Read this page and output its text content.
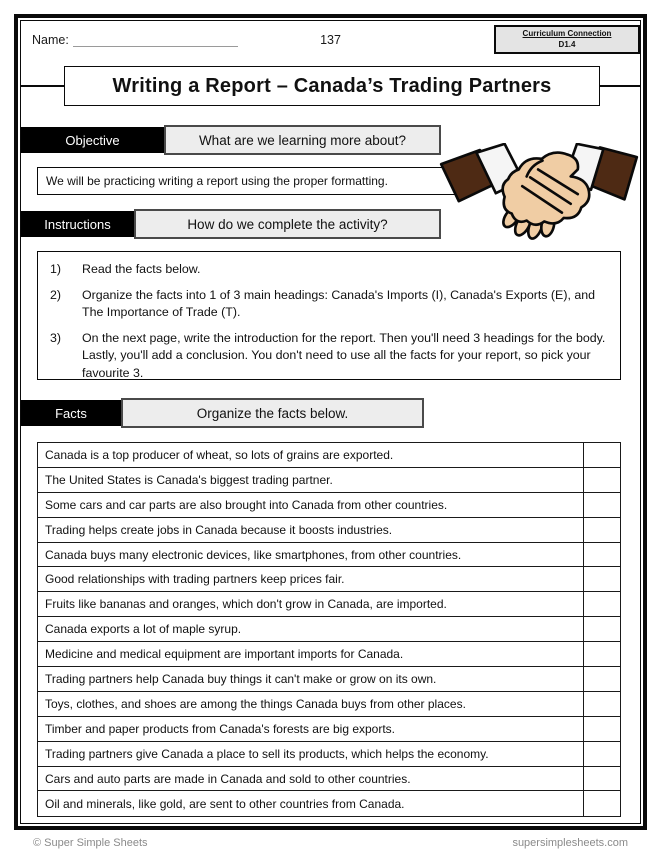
Name:	137	Curriculum Connection
D1.4
Writing a Report – Canada’s Trading Partners
Objective	What are we learning more about?
We will be practicing writing a report using the proper formatting.
Instructions	How do we complete the activity?
1)	Read the facts below.
2)	Organize the facts into 1 of 3 main headings: Canada's Imports (I), Canada's Exports (E), and The Importance of Trade (T).
3)	On the next page, write the introduction for the report. Then you'll need 3 headings for the body. Lastly, you'll add a conclusion. You don't need to use all the facts for your report, so pick your favourite 3.
Facts	Organize the facts below.
Canada is a top producer of wheat, so lots of grains are exported.
The United States is Canada's biggest trading partner.
Some cars and car parts are also brought into Canada from other countries.
Trading helps create jobs in Canada because it boosts industries.
Canada buys many electronic devices, like smartphones, from other countries.
Good relationships with trading partners keep prices fair.
Fruits like bananas and oranges, which don't grow in Canada, are imported.
Canada exports a lot of maple syrup.
Medicine and medical equipment are important imports for Canada.
Trading partners help Canada buy things it can't make or grow on its own.
Toys, clothes, and shoes are among the things Canada buys from other places.
Timber and paper products from Canada's forests are big exports.
Trading partners give Canada a place to sell its products, which helps the economy.
Cars and auto parts are made in Canada and sold to other countries.
Oil and minerals, like gold, are sent to other countries from Canada.
© Super Simple Sheets	supersimplesheets.com
